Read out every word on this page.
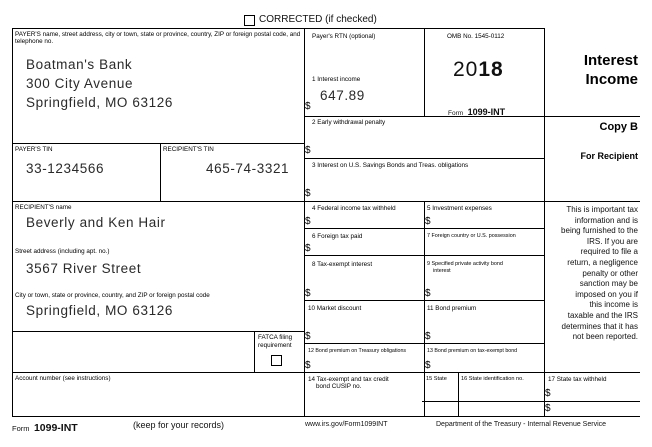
CORRECTED (if checked)
PAYER'S name, street address, city or town, state or province, country, ZIP or foreign postal code, and telephone no.
Boatman's Bank
300 City Avenue
Springfield, MO 63126
PAYER'S TIN
33-1234566
RECIPIENT'S TIN
465-74-3321
RECIPIENT'S name
Beverly and Ken Hair
Street address (including apt. no.)
3567 River Street
City or town, state or province, country, and ZIP or foreign postal code
Springfield, MO 63126
FATCA filing
requirement
Account number (see instructions)
Payer's RTN (optional)
1 Interest income
$
647.89
OMB No. 1545-0112
2018
Form 1099-INT
2 Early withdrawal penalty
$
3 Interest on U.S. Savings Bonds and Treas. obligations
$
4 Federal income tax withheld
$
5 Investment expenses
$
6 Foreign tax paid
$
7 Foreign country or U.S. possession
8 Tax-exempt interest
$
9 Specified private activity bond
interest
$
10 Market discount
$
11 Bond premium
$
12 Bond premium on Treasury obligations
$
13 Bond premium on tax-exempt bond
$
14 Tax-exempt and tax credit
bond CUSIP no.
15 State	16 State identification no.	17 State tax withheld
$
$
Interest
Income
Copy B
For Recipient
This is important tax
information and is
being furnished to the
IRS. If you are
required to file a
return, a negligence
penalty or other
sanction may be
imposed on you if
this income is
taxable and the IRS
determines that it has
not been reported.
Form 1099-INT	(keep for your records)	www.irs.gov/Form1099INT	Department of the Treasury - Internal Revenue Service
